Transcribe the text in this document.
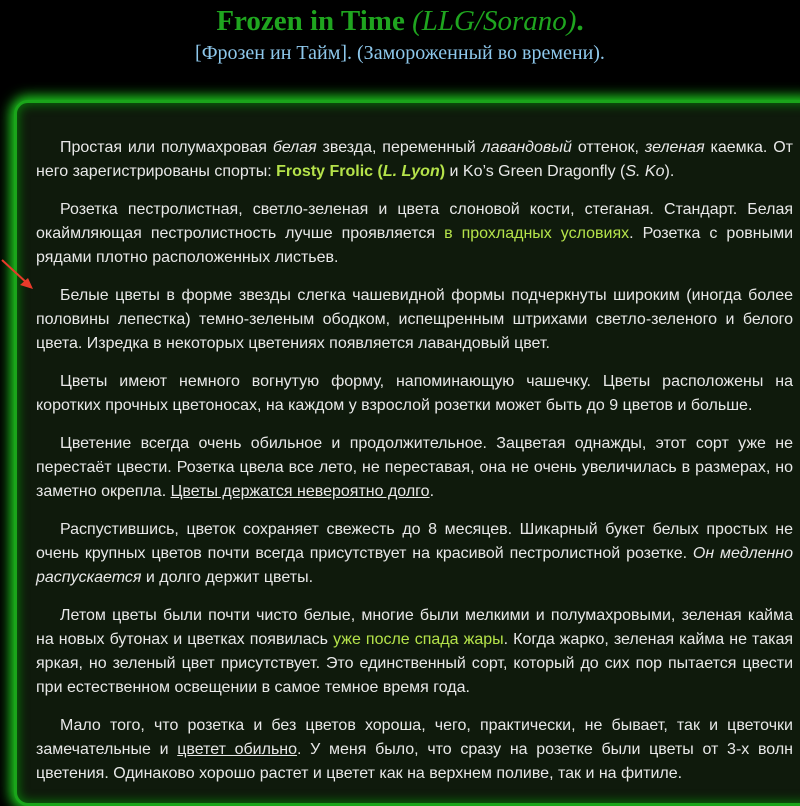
Frozen in Time (LLG/Sorano).
[Фрозен ин Тайм]. (Замороженный во времени).

Простая или полумахровая белая звезда, переменный лавандовый оттенок, зеленая каемка. От него зарегистрированы спорты: Frosty Frolic (L. Lyon) и Ko’s Green Dragonfly (S. Ko).

Розетка пестролистная, светло-зеленая и цвета слоновой кости, стеганая. Стандарт. Белая окаймляющая пестролистность лучше проявляется в прохладных условиях. Розетка с ровными рядами плотно расположенных листьев.

Белые цветы в форме звезды слегка чашевидной формы подчеркнуты широким (иногда более половины лепестка) темно-зеленым ободком, испещренным штрихами светло-зеленого и белого цвета. Изредка в некоторых цветениях появляется лавандовый цвет.

Цветы имеют немного вогнутую форму, напоминающую чашечку. Цветы расположены на коротких прочных цветоносах, на каждом у взрослой розетки может быть до 9 цветов и больше.

Цветение всегда очень обильное и продолжительное. Зацветая однажды, этот сорт уже не перестаёт цвести. Розетка цвела все лето, не переставая, она не очень увеличилась в размерах, но заметно окрепла. Цветы держатся невероятно долго.

Распустившись, цветок сохраняет свежесть до 8 месяцев. Шикарный букет белых простых не очень крупных цветов почти всегда присутствует на красивой пестролистной розетке. Он медленно распускается и долго держит цветы.

Летом цветы были почти чисто белые, многие были мелкими и полумахровыми, зеленая кайма на новых бутонах и цветках появилась уже после спада жары. Когда жарко, зеленая кайма не такая яркая, но зеленый цвет присутствует. Это единственный сорт, который до сих пор пытается цвести при естественном освещении в самое темное время года.

Мало того, что розетка и без цветов хороша, чего, практически, не бывает, так и цветочки замечательные и цветет обильно. У меня было, что сразу на розетке были цветы от 3-х волн цветения. Одинаково хорошо растет и цветет как на верхнем поливе, так и на фитиле.
